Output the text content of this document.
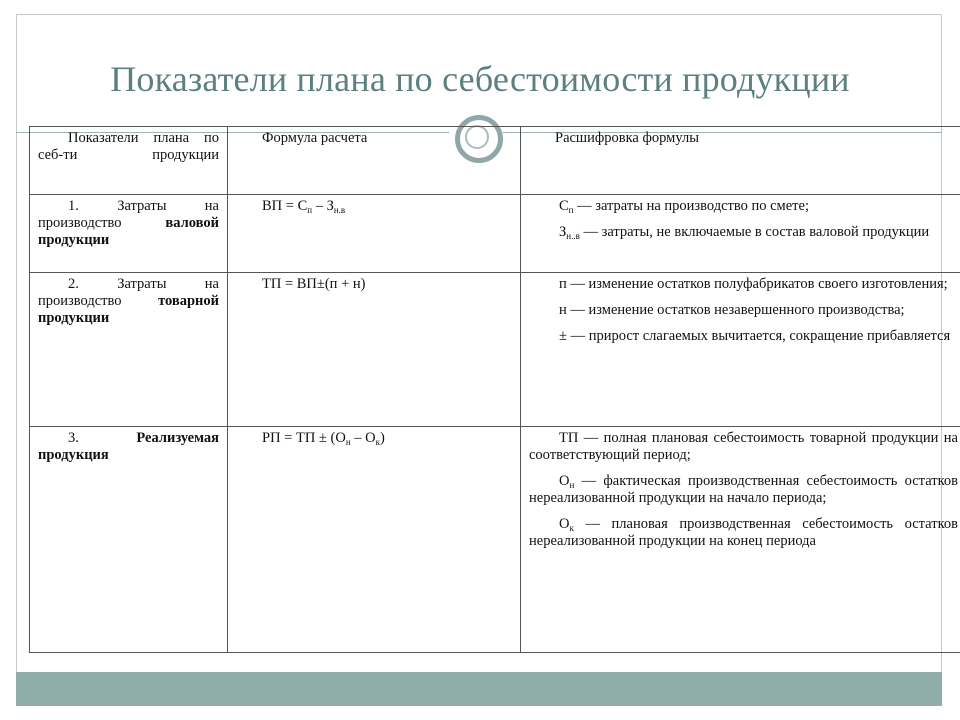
Показатели плана по себестоимости продукции
Показатели плана по себ-ти продукции	Формула расчета	Расшифровка формулы
1. Затраты на производство валовой продукции	ВП = $С_п - З_{н.в}$	$С_п$ — затраты на производство по смете;

$З_{н..в}$ — затраты, не включаемые в состав валовой продукции

2. Затраты на производство товарной продукции	ТП = ВП±(п + н)	п — изменение остатков полуфабрикатов своего изготовления;

н — изменение остатков незавершенного производства;

± — прирост слагаемых вычитается, сокращение прибавляется

3. Реализуемая продукция	РП = ТП ± $(О_н - О_к)$	ТП — полная плановая себестоимость товарной продукции на соответствующий период;

$О_н$ — фактическая производственная себестоимость остатков нереализованной продукции на начало периода;

$О_к$ — плановая производственная себестоимость остатков нереализованной продукции на конец периода
